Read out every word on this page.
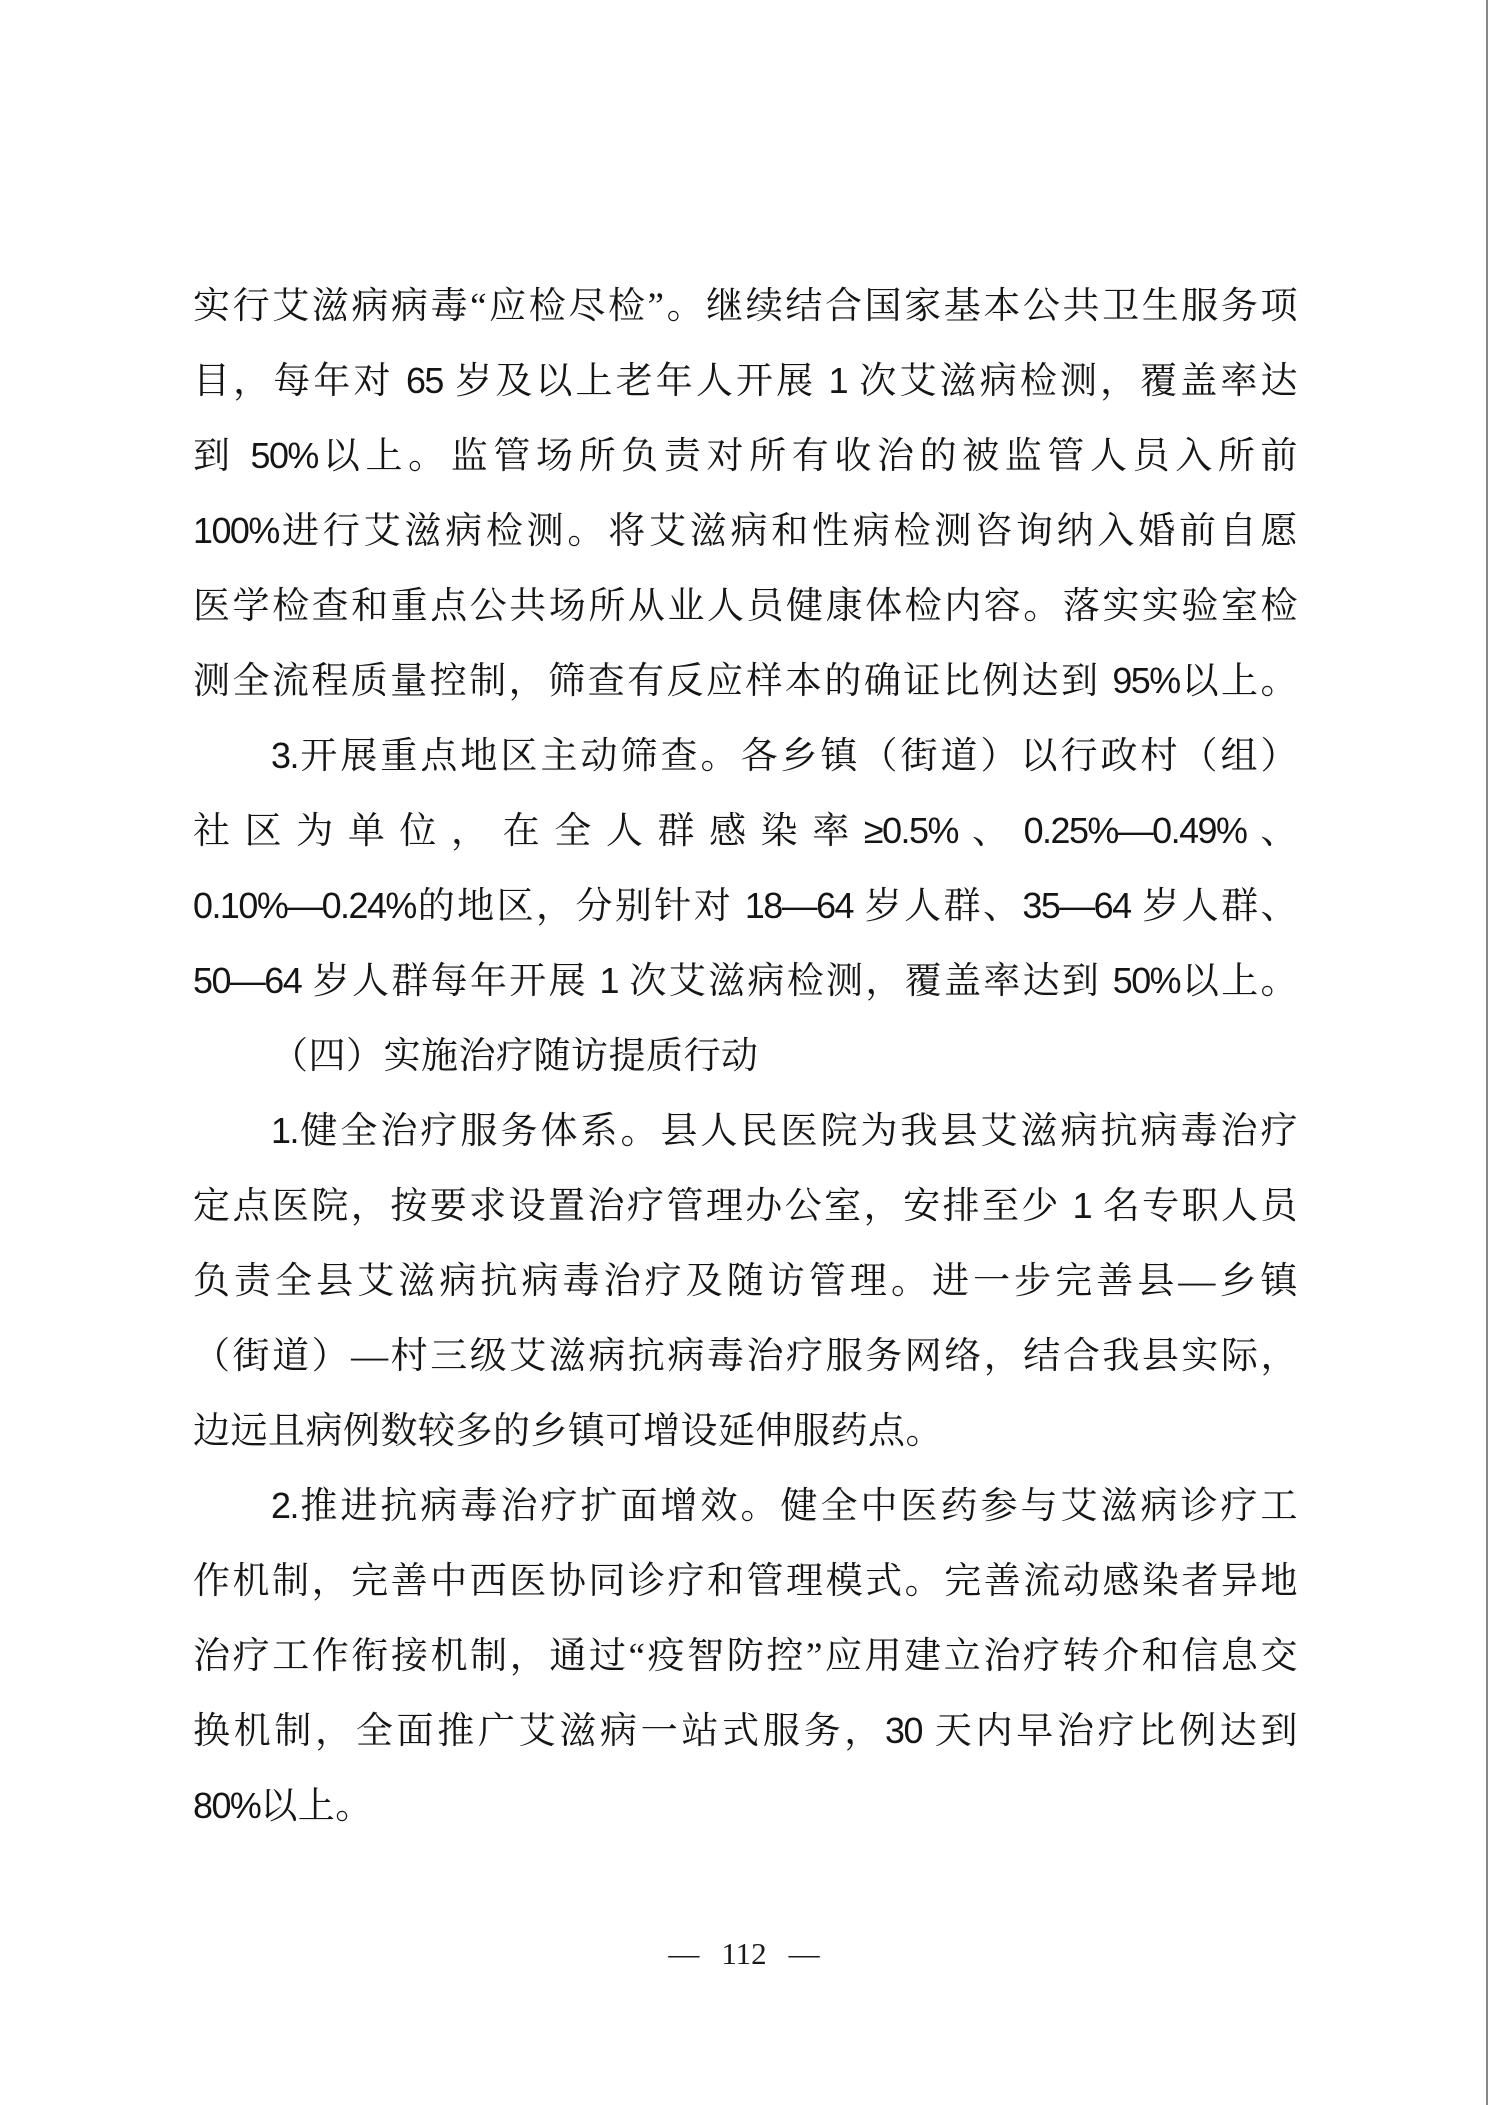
实行艾滋病病毒“应检尽检”。继续结合国家基本公共卫生服务项
目，每年对 65 岁及以上老年人开展 1 次艾滋病检测，覆盖率达
到 50%以上。监管场所负责对所有收治的被监管人员入所前
100%进行艾滋病检测。将艾滋病和性病检测咨询纳入婚前自愿
医学检查和重点公共场所从业人员健康体检内容。落实实验室检
测全流程质量控制，筛查有反应样本的确证比例达到 95%以上。
3.开展重点地区主动筛查。各乡镇（街道）以行政村（组）
社区为单位，在全人群感染率≥0.5%、0.25%—0.49%、
0.10%—0.24%的地区，分别针对 18—64 岁人群、35—64 岁人群、
50—64 岁人群每年开展 1 次艾滋病检测，覆盖率达到 50%以上。
（四）实施治疗随访提质行动
1.健全治疗服务体系。县人民医院为我县艾滋病抗病毒治疗
定点医院，按要求设置治疗管理办公室，安排至少 1 名专职人员
负责全县艾滋病抗病毒治疗及随访管理。进一步完善县—乡镇
（街道）—村三级艾滋病抗病毒治疗服务网络，结合我县实际，
边远且病例数较多的乡镇可增设延伸服药点。
2.推进抗病毒治疗扩面增效。健全中医药参与艾滋病诊疗工
作机制，完善中西医协同诊疗和管理模式。完善流动感染者异地
治疗工作衔接机制，通过“疫智防控”应用建立治疗转介和信息交
换机制，全面推广艾滋病一站式服务，30 天内早治疗比例达到
80%以上。
— 112 —
